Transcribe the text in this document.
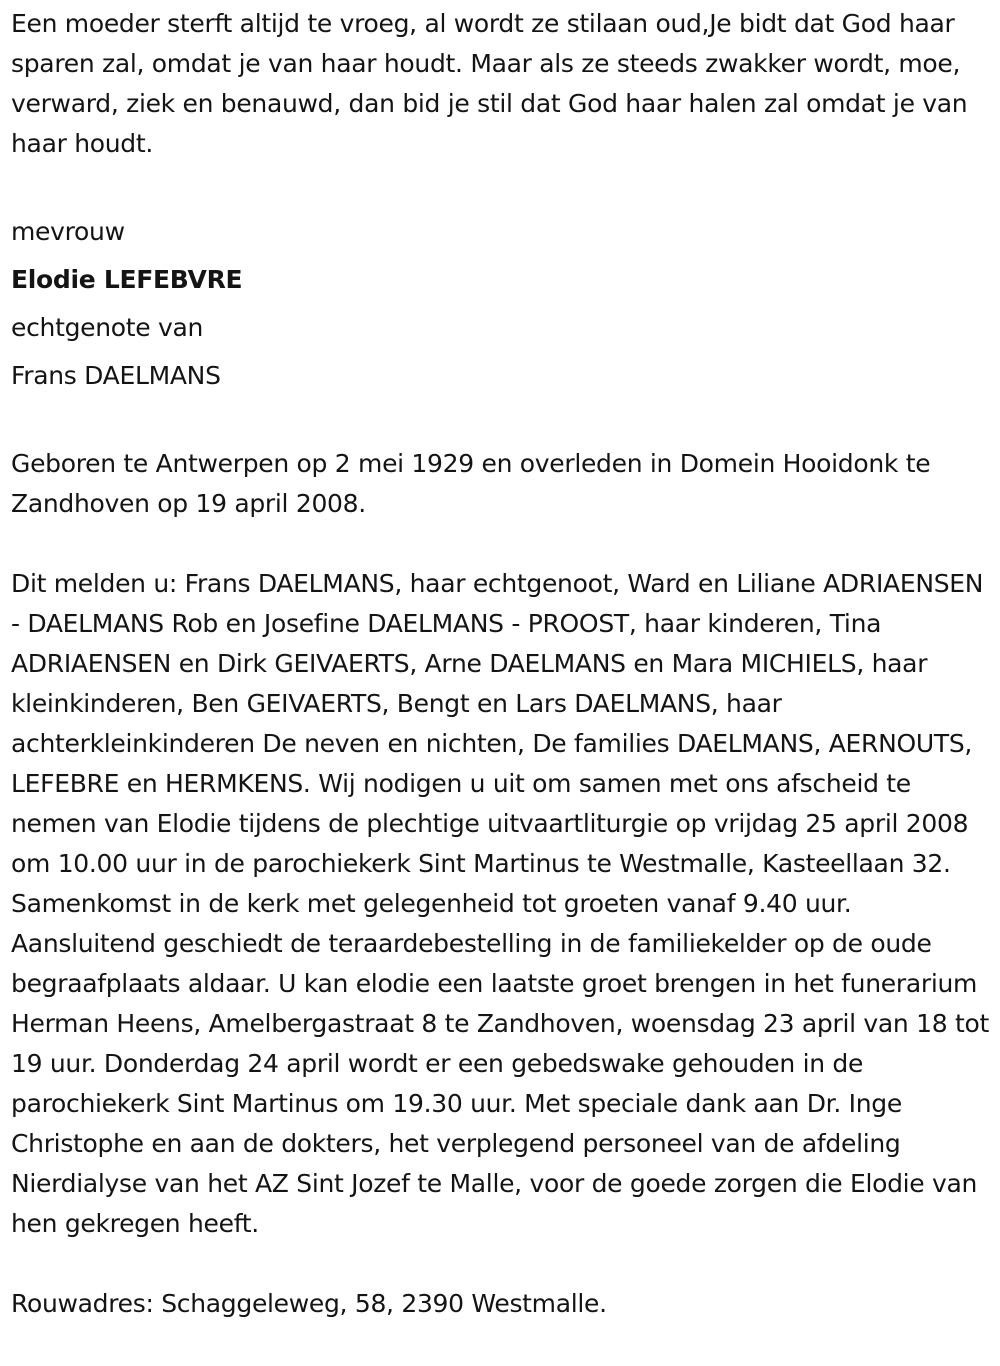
Een moeder sterft altijd te vroeg, al wordt ze stilaan oud,Je bidt dat God haar sparen zal, omdat je van haar houdt. Maar als ze steeds zwakker wordt, moe, verward, ziek en benauwd, dan bid je stil dat God haar halen zal omdat je van haar houdt.

mevrouw
Elodie LEFEBVRE
echtgenote van
Frans DAELMANS

Geboren te Antwerpen op 2 mei 1929 en overleden in Domein Hooidonk te Zandhoven op 19 april 2008.

Dit melden u: Frans DAELMANS, haar echtgenoot, Ward en Liliane ADRIAENSEN - DAELMANS Rob en Josefine DAELMANS - PROOST, haar kinderen, Tina ADRIAENSEN en Dirk GEIVAERTS, Arne DAELMANS en Mara MICHIELS, haar kleinkinderen, Ben GEIVAERTS, Bengt en Lars DAELMANS, haar achterkleinkinderen De neven en nichten, De families DAELMANS, AERNOUTS, LEFEBRE en HERMKENS. Wij nodigen u uit om samen met ons afscheid te nemen van Elodie tijdens de plechtige uitvaartliturgie op vrijdag 25 april 2008 om 10.00 uur in de parochiekerk Sint Martinus te Westmalle, Kasteellaan 32. Samenkomst in de kerk met gelegenheid tot groeten vanaf 9.40 uur. Aansluitend geschiedt de teraardebestelling in de familiekelder op de oude begraafplaats aldaar. U kan elodie een laatste groet brengen in het funerarium Herman Heens, Amelbergastraat 8 te Zandhoven, woensdag 23 april van 18 tot 19 uur. Donderdag 24 april wordt er een gebedswake gehouden in de parochiekerk Sint Martinus om 19.30 uur. Met speciale dank aan Dr. Inge Christophe en aan de dokters, het verplegend personeel van de afdeling Nierdialyse van het AZ Sint Jozef te Malle, voor de goede zorgen die Elodie van hen gekregen heeft.

Rouwadres: Schaggeleweg, 58, 2390 Westmalle.
